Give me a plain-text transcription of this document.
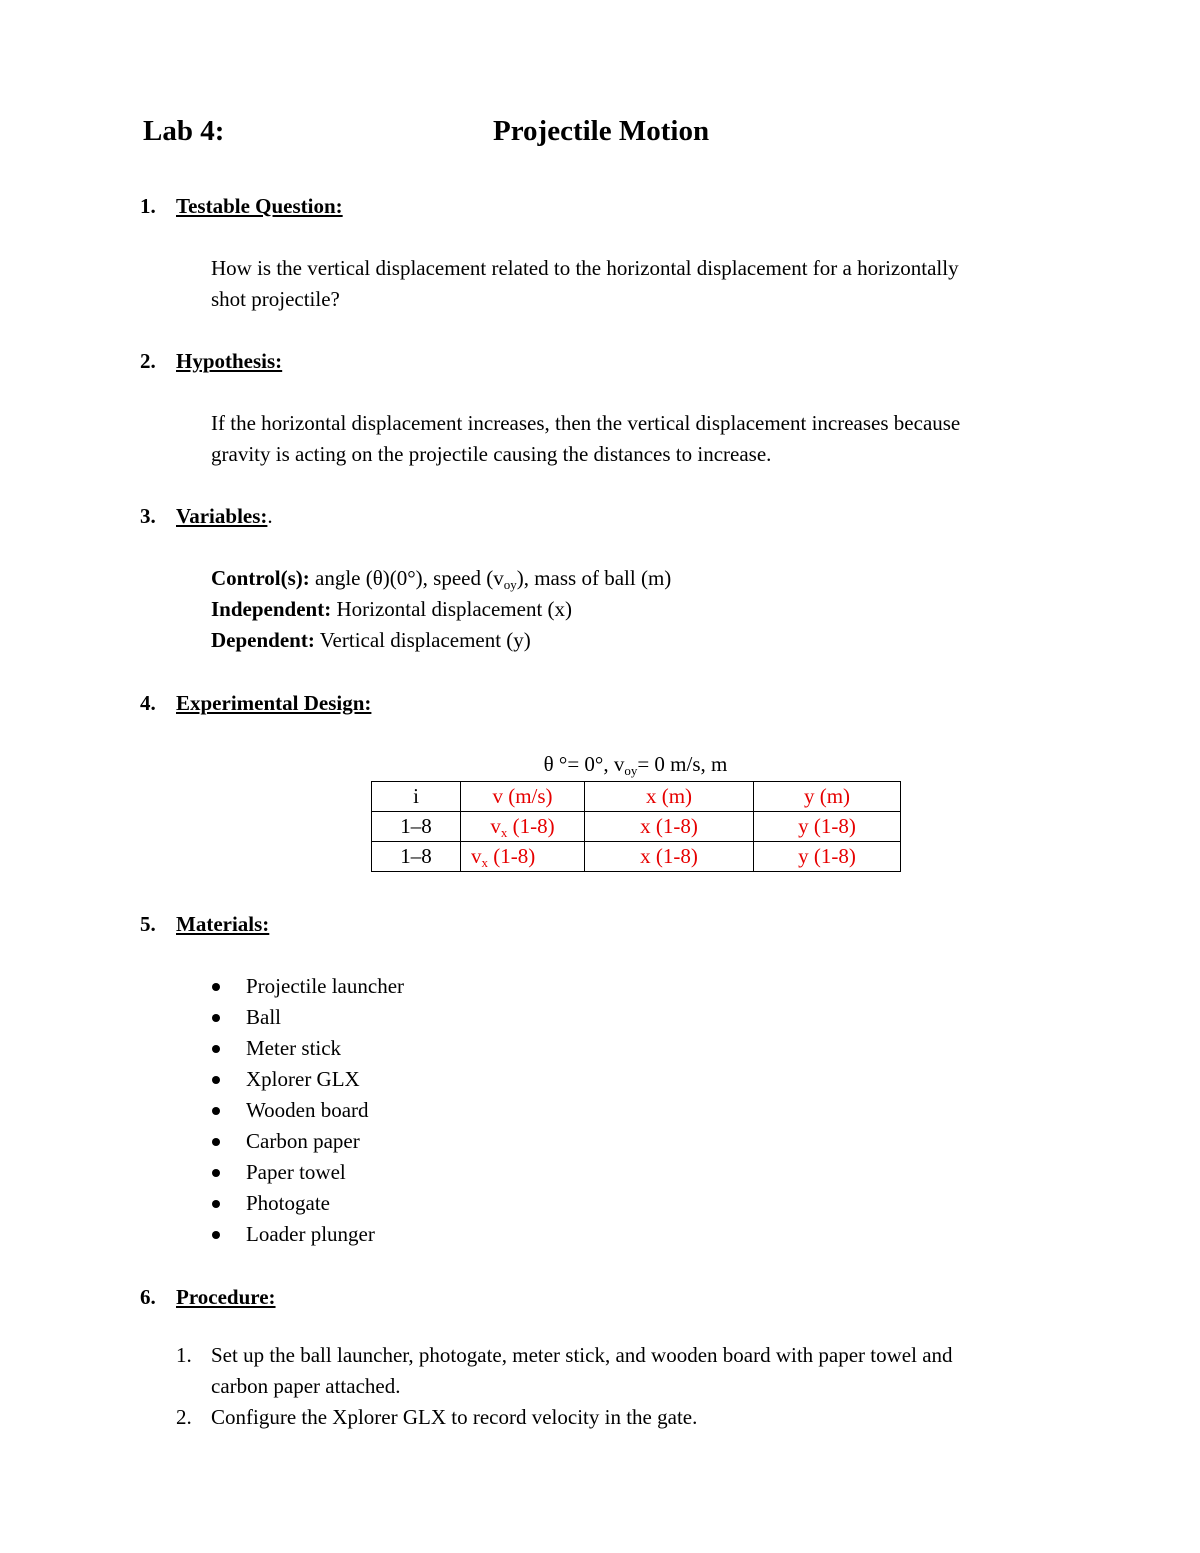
Lab 4:	Projectile Motion
1. Testable Question:
How is the vertical displacement related to the horizontal displacement for a horizontally
shot projectile?
2. Hypothesis:
If the horizontal displacement increases, then the vertical displacement increases because
gravity is acting on the projectile causing the distances to increase.
3. Variables:.
Control(s): angle (θ)(0°), speed $(v_{oy})$, mass of ball (m)
Independent: Horizontal displacement (x)
Dependent: Vertical displacement (y)
4. Experimental Design:
θ °= 0°, $v_{oy}= 0$ m/s, m
i	v (m/s)	x (m)	y (m)
1–8	$v_x$ (1-8)	x (1-8)	y (1-8)
1–8	$v_x$ (1-8)	x (1-8)	y (1-8)
5. Materials:
Projectile launcher
Ball
Meter stick
Xplorer GLX
Wooden board
Carbon paper
Paper towel
Photogate
Loader plunger
6. Procedure:
1. Set up the ball launcher, photogate, meter stick, and wooden board with paper towel and
carbon paper attached.
2. Configure the Xplorer GLX to record velocity in the gate.
